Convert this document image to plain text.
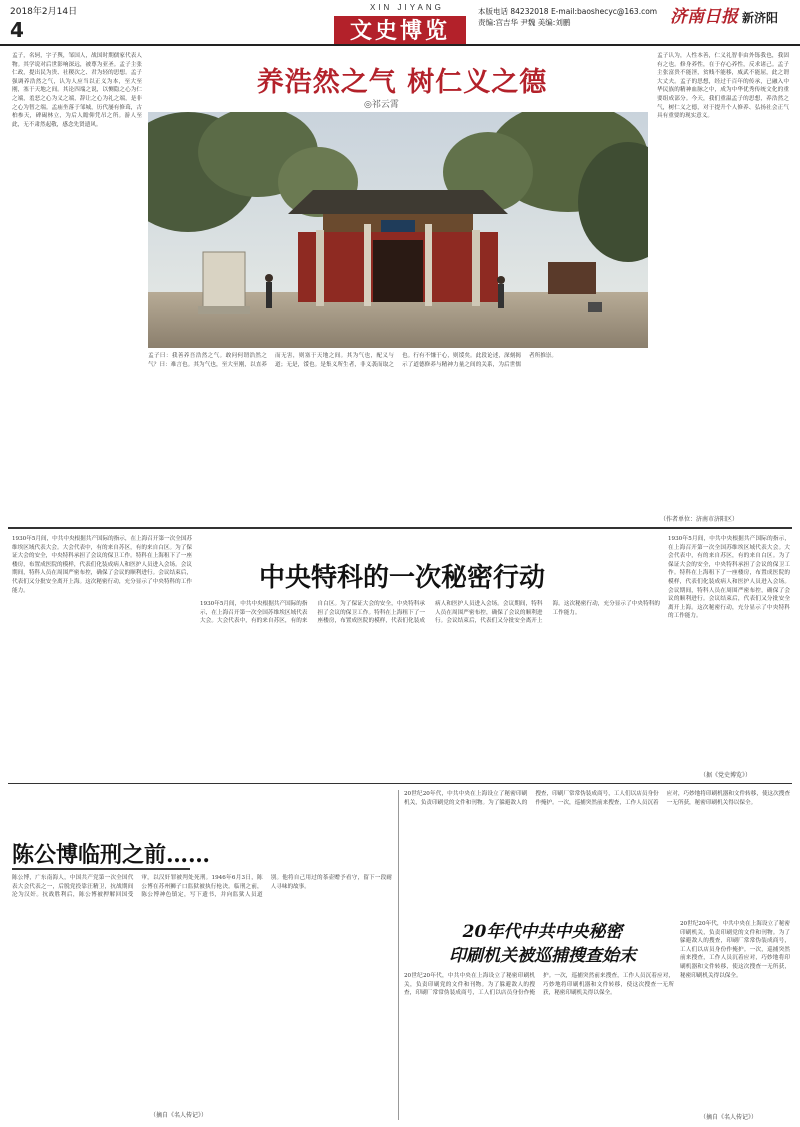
2018年2月14日
4
XIN JIYANG
文史博览
本版电话 84232018 E-mail:baoshecyc@163.com
责编:宫吉华 尹魏 美编:刘鹏	济南日报 新济阳
养浩然之气 树仁义之德
◎祁云霄
孟子，名轲，字子舆，邹国人，战国时期儒家代表人物。其学说对后世影响深远，被尊为亚圣。孟子主张仁政，提出民为贵、社稷次之、君为轻的思想。孟子强调养浩然之气，认为人应当以正义为本，至大至刚，塞于天地之间。其论四端之说，以恻隐之心为仁之端，羞恶之心为义之端，辞让之心为礼之端，是非之心为智之端。孟庙坐落于邹城，历代屡有修葺，古柏参天，碑碣林立，为后人瞻仰凭吊之所。游人至此，无不肃然起敬，感念先贤遗风。
孟子认为，人性本善，仁义礼智非由外铄我也，我固有之也。修身养性，在于存心养性，反求诸己。孟子主张富贵不能淫，贫贱不能移，威武不能屈，此之谓大丈夫。孟子的思想，经过千百年的传承，已融入中华民族的精神血脉之中，成为中华优秀传统文化的重要组成部分。今天，我们重温孟子的思想，养浩然之气，树仁义之德，对于提升个人修养、弘扬社会正气具有重要的现实意义。
孟子曰：我善养吾浩然之气。敢问何谓浩然之气？曰：难言也。其为气也，至大至刚，以直养而无害，则塞于天地之间。其为气也，配义与道；无是，馁也。是集义所生者，非义袭而取之也。行有不慊于心，则馁矣。此段论述，深刻揭示了道德修养与精神力量之间的关系，为后世儒者所推崇。
（作者单位：济南市济阳区）
中央特科的一次秘密行动
1930年5月间，中共中央根据共产国际的指示，在上海召开第一次全国苏维埃区域代表大会。大会代表中，有的来自苏区，有的来自白区。为了保证大会的安全，中央特科承担了会议的保卫工作。特科在上海租下了一座楼房，布置成医院的模样，代表们化装成病人和医护人员进入会场。会议期间，特科人员在周围严密布控，确保了会议的顺利进行。会议结束后，代表们又分批安全离开上海。这次秘密行动，充分显示了中央特科的工作能力。
1930年5月间，中共中央根据共产国际的指示，在上海召开第一次全国苏维埃区域代表大会。大会代表中，有的来自苏区，有的来自白区。为了保证大会的安全，中央特科承担了会议的保卫工作。特科在上海租下了一座楼房，布置成医院的模样，代表们化装成病人和医护人员进入会场。会议期间，特科人员在周围严密布控，确保了会议的顺利进行。会议结束后，代表们又分批安全离开上海。这次秘密行动，充分显示了中央特科的工作能力。
1930年5月间，中共中央根据共产国际的指示，在上海召开第一次全国苏维埃区域代表大会。大会代表中，有的来自苏区，有的来自白区。为了保证大会的安全，中央特科承担了会议的保卫工作。特科在上海租下了一座楼房，布置成医院的模样，代表们化装成病人和医护人员进入会场。会议期间，特科人员在周围严密布控，确保了会议的顺利进行。会议结束后，代表们又分批安全离开上海。这次秘密行动，充分显示了中央特科的工作能力。
（据《党史博览》）
陈公博临刑之前……
陈公博，广东南海人，中国共产党第一次全国代表大会代表之一，后脱党投靠汪精卫，抗战期间沦为汉奸。抗战胜利后，陈公博被押解回国受审，以汉奸罪被判处死刑。1946年6月3日，陈公博在苏州狮子口监狱被执行枪决。临刑之前，陈公博神色镇定，写下遗书，并向监狱人员道别。他将自己用过的茶壶赠予看守，留下一段耐人寻味的故事。
（摘自《名人传记》）
20世纪20年代，中共中央在上海设立了秘密印刷机关，负责印刷党的文件和刊物。为了躲避敌人的搜查，印刷厂常常伪装成商号，工人们以店员身份作掩护。一次，巡捕突然前来搜查，工作人员沉着应对，巧妙地将印刷机器和文件转移，使这次搜查一无所获，秘密印刷机关得以保全。
20年代中共中央秘密
印刷机关被巡捕搜查始末
20世纪20年代，中共中央在上海设立了秘密印刷机关，负责印刷党的文件和刊物。为了躲避敌人的搜查，印刷厂常常伪装成商号，工人们以店员身份作掩护。一次，巡捕突然前来搜查，工作人员沉着应对，巧妙地将印刷机器和文件转移，使这次搜查一无所获，秘密印刷机关得以保全。
20世纪20年代，中共中央在上海设立了秘密印刷机关，负责印刷党的文件和刊物。为了躲避敌人的搜查，印刷厂常常伪装成商号，工人们以店员身份作掩护。一次，巡捕突然前来搜查，工作人员沉着应对，巧妙地将印刷机器和文件转移，使这次搜查一无所获，秘密印刷机关得以保全。
（摘自《名人传记》）
